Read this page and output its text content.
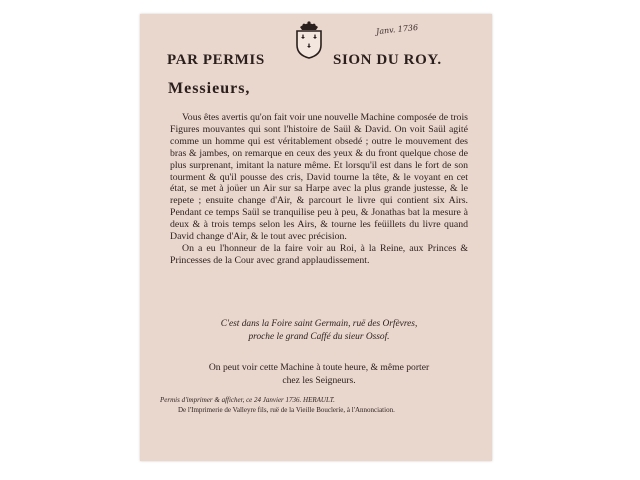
Janv. 1736
PAR PERMIS	SION DU ROY.
Messieurs,

Vous êtes avertis qu'on fait voir une nouvelle Machine composée de trois Figures mouvantes qui sont l'histoire de Saül & David. On voit Saül agité comme un homme qui est véritablement obsedé ; outre le mouvement des bras & jambes, on remarque en ceux des yeux & du front quelque chose de plus surprenant, imitant la nature même. Et lorsqu'il est dans le fort de son tourment & qu'il pousse des cris, David tourne la tête, & le voyant en cet état, se met à joüer un Air sur sa Harpe avec la plus grande justesse, & le repete ; ensuite change d'Air, & parcourt le livre qui contient six Airs. Pendant ce temps Saül se tranquilise peu à peu, & Jonathas bat la mesure à deux & à trois temps selon les Airs, & tourne les feüillets du livre quand David change d'Air, & le tout avec précision.

On a eu l'honneur de la faire voir au Roi, à la Reine, aux Princes & Princesses de la Cour avec grand applaudissement.

C'est dans la Foire saint Germain, ruë des Orfèvres,
proche le grand Caffé du sieur Ossof.
On peut voir cette Machine à toute heure, & même porter
chez les Seigneurs.
Permis d'imprimer & afficher, ce 24 Janvier 1736. HERAULT.
De l'Imprimerie de Valleyre fils, ruë de la Vieille Boucleríe, à l'Annonciation.
